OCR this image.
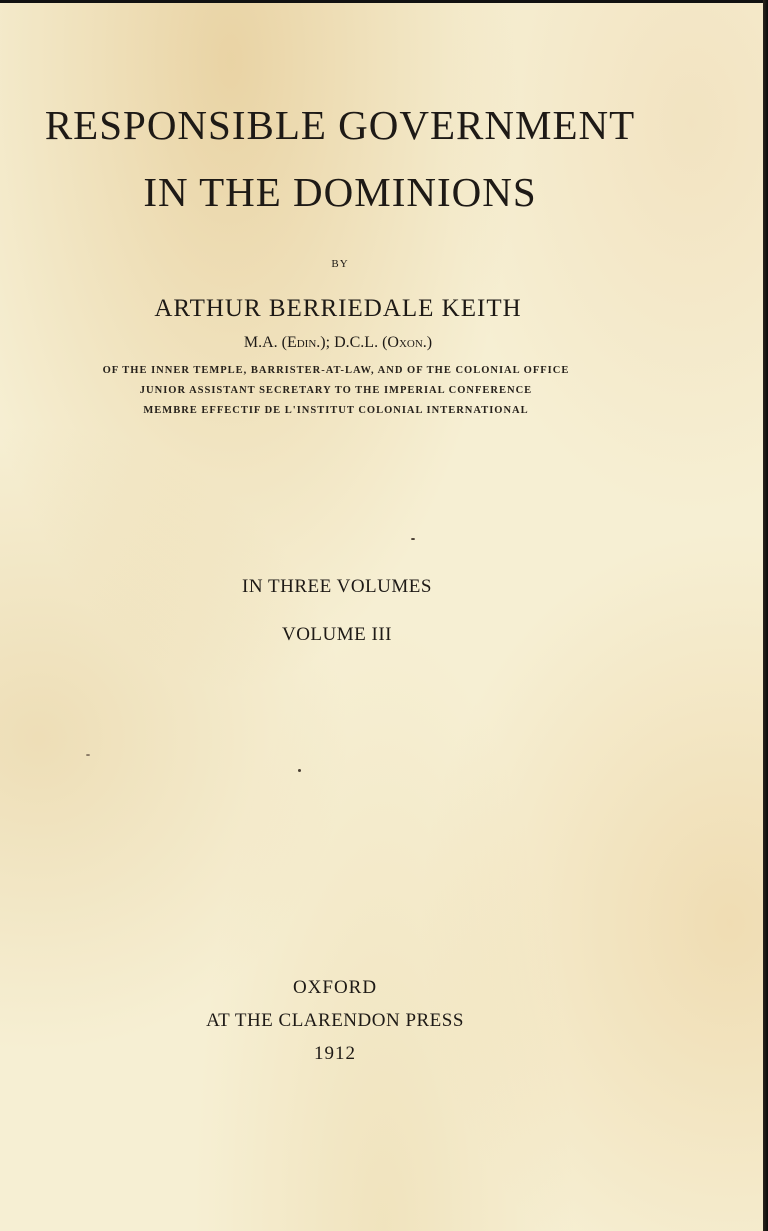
RESPONSIBLE GOVERNMENT
IN THE DOMINIONS
BY
ARTHUR BERRIEDALE KEITH
M.A. (Edin.); D.C.L. (Oxon.)
OF THE INNER TEMPLE, BARRISTER-AT-LAW, AND OF THE COLONIAL OFFICE
JUNIOR ASSISTANT SECRETARY TO THE IMPERIAL CONFERENCE
MEMBRE EFFECTIF DE L'INSTITUT COLONIAL INTERNATIONAL
IN THREE VOLUMES
VOLUME III
OXFORD
AT THE CLARENDON PRESS
1912
